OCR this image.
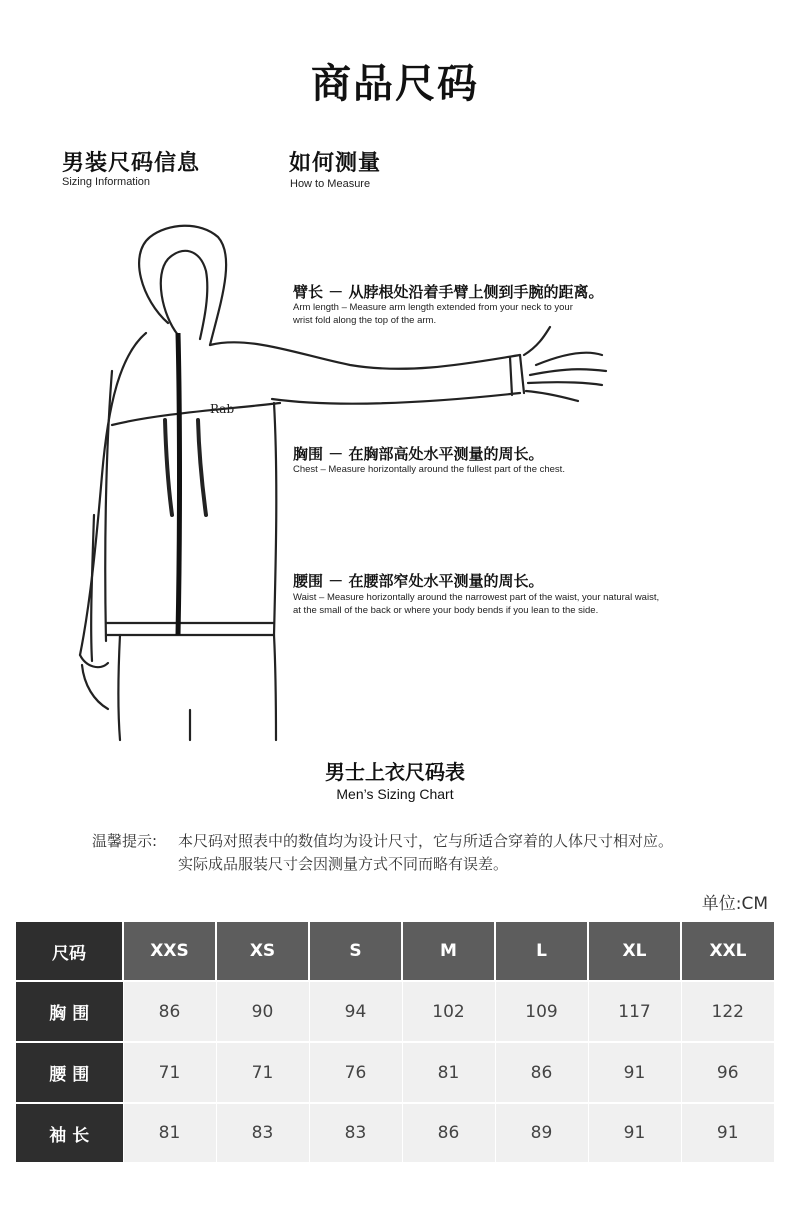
商品尺码
男装尺码信息
Sizing Information
如何测量
How to Measure
Rab
臂长 － 从脖根处沿着手臂上侧到手腕的距离。
Arm length – Measure arm length extended from your neck to your
wrist fold along the top of the arm.
胸围 － 在胸部高处水平测量的周长。
Chest – Measure horizontally around the fullest part of the chest.
腰围 － 在腰部窄处水平测量的周长。
Waist – Measure horizontally around the narrowest part of the waist, your natural waist,
at the small of the back or where your body bends if you lean to the side.
男士上衣尺码表
Men’s Sizing Chart
温馨提示: 本尺码对照表中的数值均为设计尺寸，它与所适合穿着的人体尺寸相对应。
实际成品服装尺寸会因测量方式不同而略有误差。
单位:CM
尺码	XXS	XS	S	M	L	XL	XXL
胸 围	86	90	94	102	109	117	122
腰 围	71	71	76	81	86	91	96
袖 长	81	83	83	86	89	91	91
